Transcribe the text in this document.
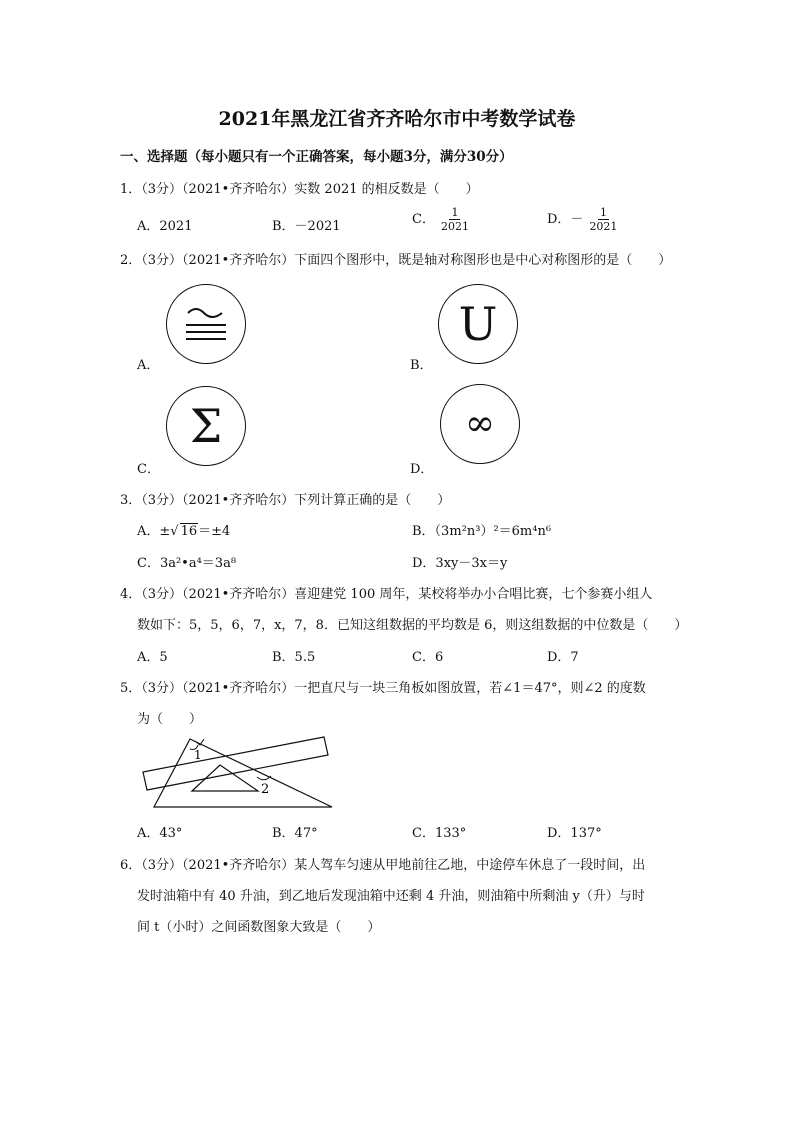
2021年黑龙江省齐齐哈尔市中考数学试卷
一、选择题（每小题只有一个正确答案，每小题3分，满分30分）
1．（3分）（2021•齐齐哈尔）实数 2021 的相反数是（　　）
A．2021	B．－2021	C． $\frac{1}{2021}$	D．－ $\frac{1}{2021}$
2．（3分）（2021•齐齐哈尔）下面四个图形中，既是轴对称图形也是中心对称图形的是（　　）
A．
U
B．
Σ
C．
∞
D．
3．（3分）（2021•齐齐哈尔）下列计算正确的是（　　）
A．±√ 16＝±4	B．（3m²n³）²＝6m⁴n⁶
C．3a²•a⁴＝3a⁸	D．3xy－3x＝y
4．（3分）（2021•齐齐哈尔）喜迎建党 100 周年，某校将举办小合唱比赛，七个参赛小组人
数如下：5，5，6，7，x，7，8．已知这组数据的平均数是 6，则这组数据的中位数是（　　）
A．5	B．5.5	C．6	D．7
5．（3分）（2021•齐齐哈尔）一把直尺与一块三角板如图放置，若∠1＝47°，则∠2 的度数
为（　　）
1
2
A．43°	B．47°	C．133°	D．137°
6．（3分）（2021•齐齐哈尔）某人驾车匀速从甲地前往乙地，中途停车休息了一段时间，出
发时油箱中有 40 升油，到乙地后发现油箱中还剩 4 升油，则油箱中所剩油 y（升）与时
间 t（小时）之间函数图象大致是（　　）
